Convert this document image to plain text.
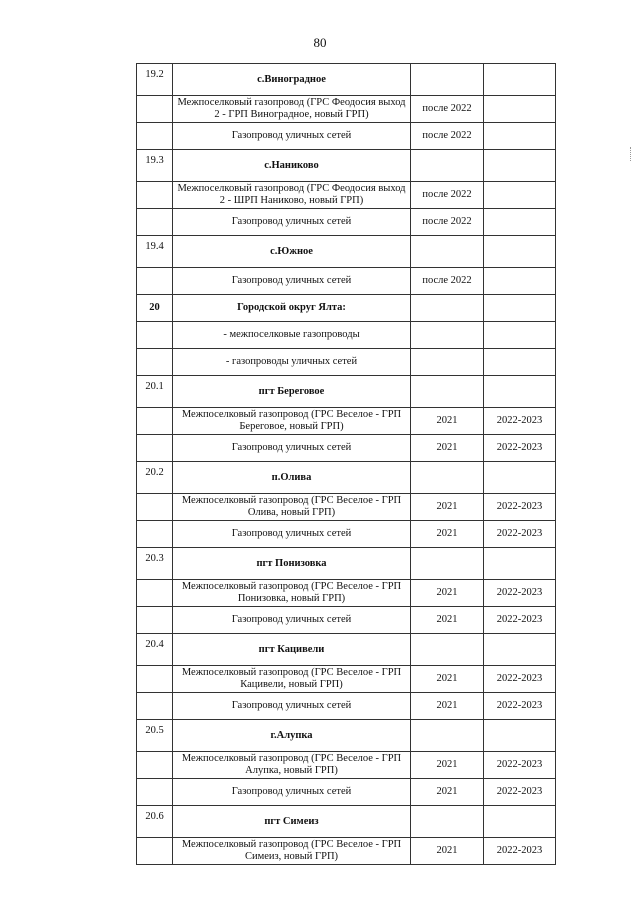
80
19.2	с.Виноградное		
	Межпоселковый газопровод (ГРС Феодосия выход 2 - ГРП Виноградное, новый ГРП)	после 2022	
	Газопровод уличных сетей	после 2022	
19.3	с.Наниково		
	Межпоселковый газопровод (ГРС Феодосия выход 2 - ШРП Наниково, новый ГРП)	после 2022	
	Газопровод уличных сетей	после 2022	
19.4	с.Южное		
	Газопровод уличных сетей	после 2022	
20	Городской округ Ялта:		
	- межпоселковые газопроводы		
	- газопроводы уличных сетей		
20.1	пгт Береговое		
	Межпоселковый газопровод (ГРС Веселое - ГРП Береговое, новый ГРП)	2021	2022-2023
	Газопровод уличных сетей	2021	2022-2023
20.2	п.Олива		
	Межпоселковый газопровод (ГРС Веселое - ГРП Олива, новый ГРП)	2021	2022-2023
	Газопровод уличных сетей	2021	2022-2023
20.3	пгт Понизовка		
	Межпоселковый газопровод (ГРС Веселое - ГРП Понизовка, новый ГРП)	2021	2022-2023
	Газопровод уличных сетей	2021	2022-2023
20.4	пгт Кацивели		
	Межпоселковый газопровод (ГРС Веселое - ГРП Кацивели, новый ГРП)	2021	2022-2023
	Газопровод уличных сетей	2021	2022-2023
20.5	г.Алупка		
	Межпоселковый газопровод (ГРС Веселое - ГРП Алупка, новый ГРП)	2021	2022-2023
	Газопровод уличных сетей	2021	2022-2023
20.6	пгт Симеиз		
	Межпоселковый газопровод (ГРС Веселое - ГРП Симеиз, новый ГРП)	2021	2022-2023
